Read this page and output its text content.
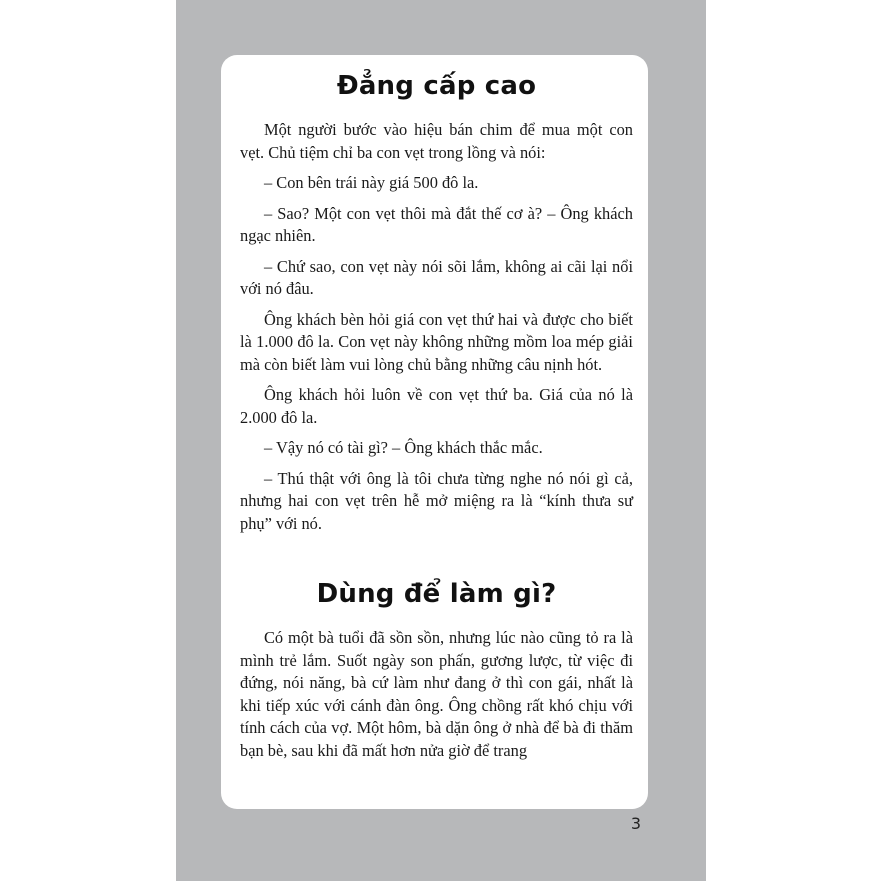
Đẳng cấp cao

Một người bước vào hiệu bán chim để mua một con vẹt. Chủ tiệm chỉ ba con vẹt trong lồng và nói:

– Con bên trái này giá 500 đô la.

– Sao? Một con vẹt thôi mà đắt thế cơ à? – Ông khách ngạc nhiên.

– Chứ sao, con vẹt này nói sõi lắm, không ai cãi lại nổi với nó đâu.

Ông khách bèn hỏi giá con vẹt thứ hai và được cho biết là 1.000 đô la. Con vẹt này không những mồm loa mép giải mà còn biết làm vui lòng chủ bằng những câu nịnh hót.

Ông khách hỏi luôn về con vẹt thứ ba. Giá của nó là 2.000 đô la.

– Vậy nó có tài gì? – Ông khách thắc mắc.

– Thú thật với ông là tôi chưa từng nghe nó nói gì cả, nhưng hai con vẹt trên hễ mở miệng ra là “kính thưa sư phụ” với nó.

Dùng để làm gì?

Có một bà tuổi đã sồn sồn, nhưng lúc nào cũng tỏ ra là mình trẻ lắm. Suốt ngày son phấn, gương lược, từ việc đi đứng, nói năng, bà cứ làm như đang ở thì con gái, nhất là khi tiếp xúc với cánh đàn ông. Ông chồng rất khó chịu với tính cách của vợ. Một hôm, bà dặn ông ở nhà để bà đi thăm bạn bè, sau khi đã mất hơn nửa giờ để trang

3
